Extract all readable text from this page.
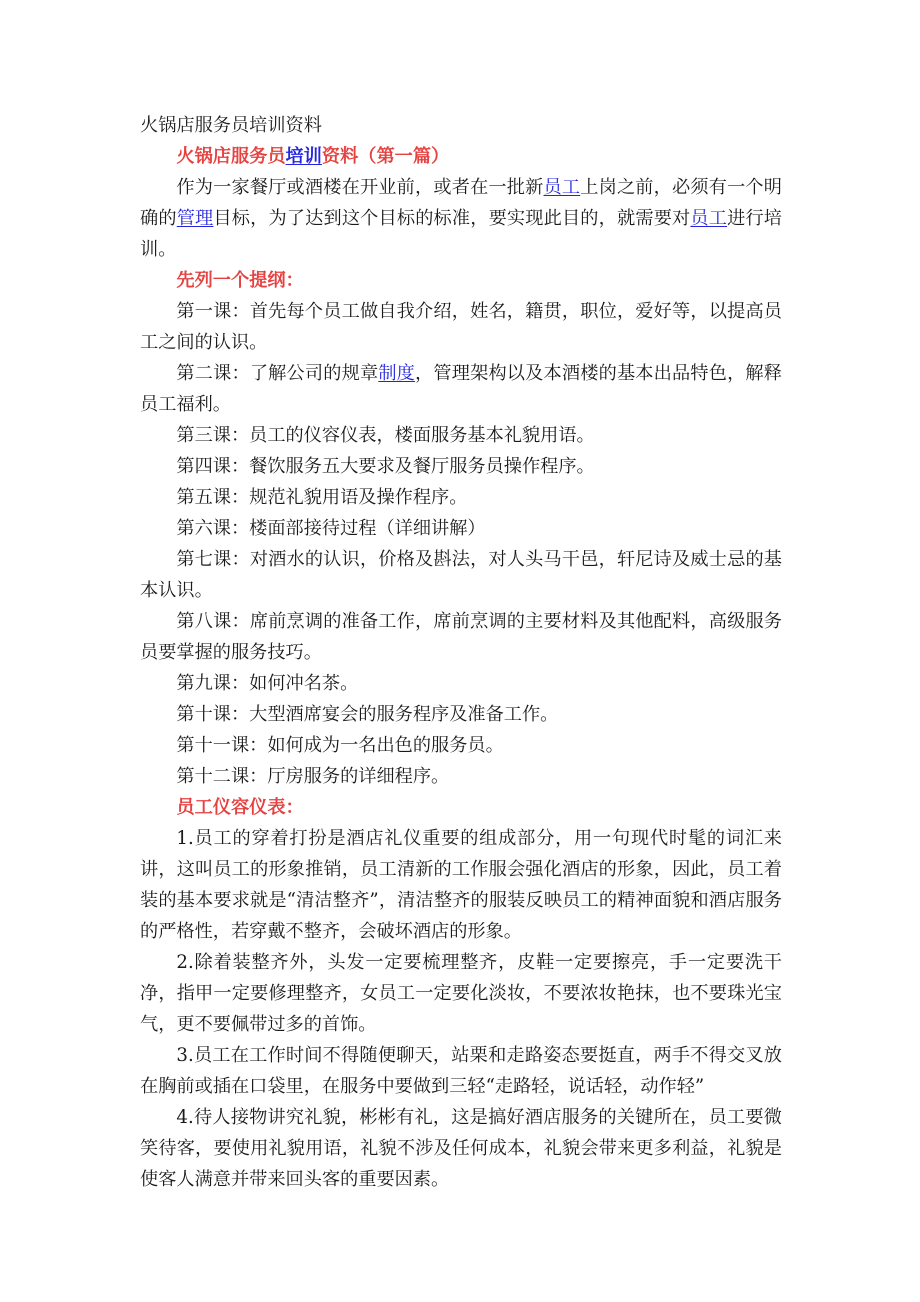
火锅店服务员培训资料

火锅店服务员培训资料（第一篇）

作为一家餐厅或酒楼在开业前，或者在一批新员工上岗之前，必须有一个明确的管理目标，为了达到这个目标的标准，要实现此目的，就需要对员工进行培训。

先列一个提纲：

第一课：首先每个员工做自我介绍，姓名，籍贯，职位，爱好等，以提高员工之间的认识。

第二课：了解公司的规章制度，管理架构以及本酒楼的基本出品特色，解释员工福利。

第三课：员工的仪容仪表，楼面服务基本礼貌用语。

第四课：餐饮服务五大要求及餐厅服务员操作程序。

第五课：规范礼貌用语及操作程序。

第六课：楼面部接待过程（详细讲解）

第七课：对酒水的认识，价格及斟法，对人头马干邑，轩尼诗及威士忌的基本认识。

第八课：席前烹调的准备工作，席前烹调的主要材料及其他配料，高级服务员要掌握的服务技巧。

第九课：如何冲名茶。

第十课：大型酒席宴会的服务程序及准备工作。

第十一课：如何成为一名出色的服务员。

第十二课：厅房服务的详细程序。

员工仪容仪表：

1.员工的穿着打扮是酒店礼仪重要的组成部分，用一句现代时髦的词汇来讲，这叫员工的形象推销，员工清新的工作服会强化酒店的形象，因此，员工着装的基本要求就是“清洁整齐”，清洁整齐的服装反映员工的精神面貌和酒店服务的严格性，若穿戴不整齐，会破坏酒店的形象。

2.除着装整齐外，头发一定要梳理整齐，皮鞋一定要擦亮，手一定要洗干净，指甲一定要修理整齐，女员工一定要化淡妆，不要浓妆艳抹，也不要珠光宝气，更不要佩带过多的首饰。

3.员工在工作时间不得随便聊天，站栗和走路姿态要挺直，两手不得交叉放在胸前或插在口袋里，在服务中要做到三轻“走路轻，说话轻，动作轻”

4.待人接物讲究礼貌，彬彬有礼，这是搞好酒店服务的关键所在，员工要微笑待客，要使用礼貌用语，礼貌不涉及任何成本，礼貌会带来更多利益，礼貌是使客人满意并带来回头客的重要因素。
